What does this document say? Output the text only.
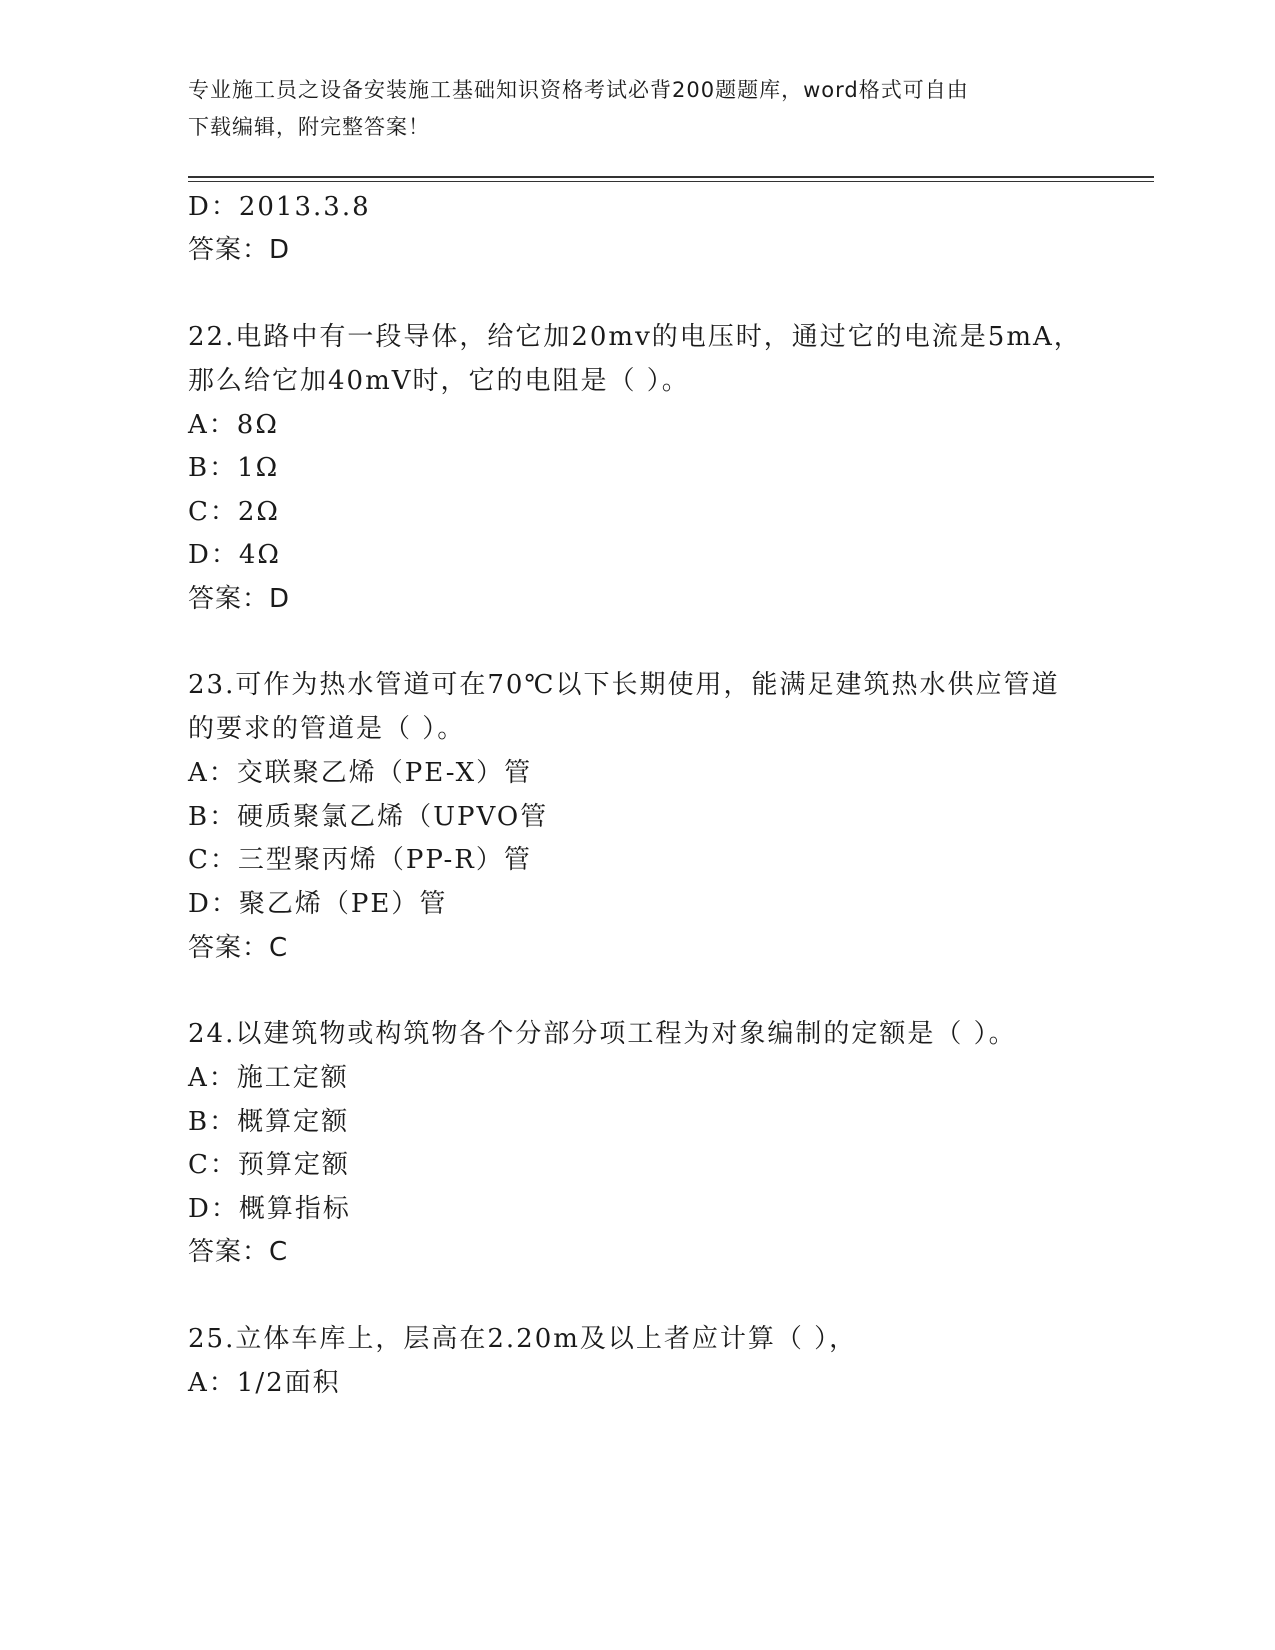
专业施工员之设备安装施工基础知识资格考试必背200题题库，word格式可自由
下载编辑，附完整答案！
D：2013.3.8
答案：D
22.电路中有一段导体，给它加20mv的电压时，通过它的电流是5mA，
那么给它加40mV时，它的电阻是（ ）。
A：8Ω
B：1Ω
C：2Ω
D：4Ω
答案：D
23.可作为热水管道可在70℃以下长期使用，能满足建筑热水供应管道
的要求的管道是（ ）。
A：交联聚乙烯（PE-X）管
B：硬质聚氯乙烯（UPVO管
C：三型聚丙烯（PP-R）管
D：聚乙烯（PE）管
答案：C
24.以建筑物或构筑物各个分部分项工程为对象编制的定额是（ ）。
A：施工定额
B：概算定额
C：预算定额
D：概算指标
答案：C
25.立体车库上，层高在2.20m及以上者应计算（ ），
A：1/2面积
